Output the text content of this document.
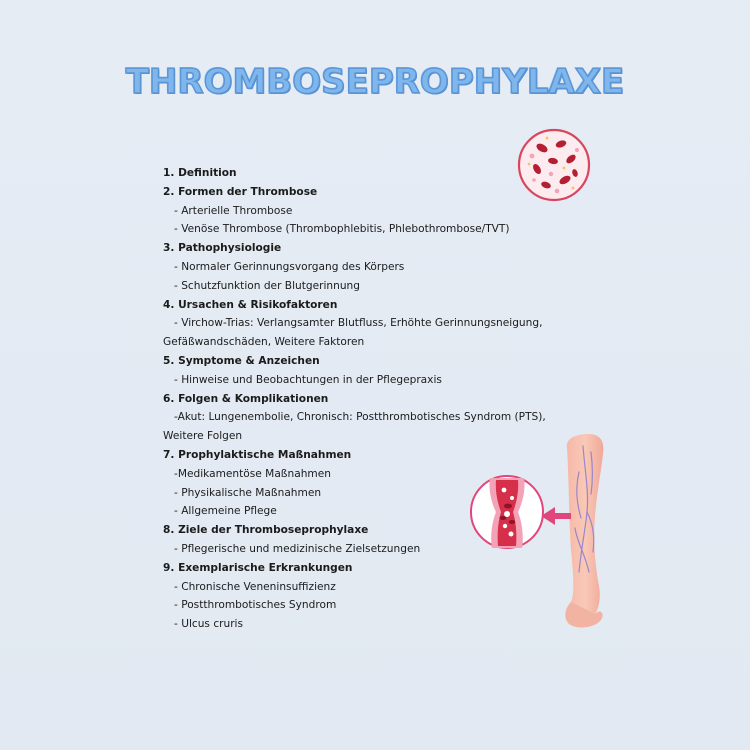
THROMBOSEPROPHYLAXE
1. Definition
2. Formen der Thrombose
- Arterielle Thrombose
- Venöse Thrombose (Thrombophlebitis, Phlebothrombose/TVT)
3. Pathophysiologie
- Normaler Gerinnungsvorgang des Körpers
- Schutzfunktion der Blutgerinnung
4. Ursachen & Risikofaktoren
- Virchow-Trias: Verlangsamter Blutfluss, Erhöhte Gerinnungsneigung,
Gefäßwandschäden, Weitere Faktoren
5. Symptome & Anzeichen
- Hinweise und Beobachtungen in der Pflegepraxis
6. Folgen & Komplikationen
-Akut: Lungenembolie, Chronisch: Postthrombotisches Syndrom (PTS),
Weitere Folgen
7. Prophylaktische Maßnahmen
-Medikamentöse Maßnahmen
- Physikalische Maßnahmen
- Allgemeine Pflege
8. Ziele der Thromboseprophylaxe
- Pflegerische und medizinische Zielsetzungen
9. Exemplarische Erkrankungen
- Chronische Veneninsuffizienz
- Postthrombotisches Syndrom
- Ulcus cruris
